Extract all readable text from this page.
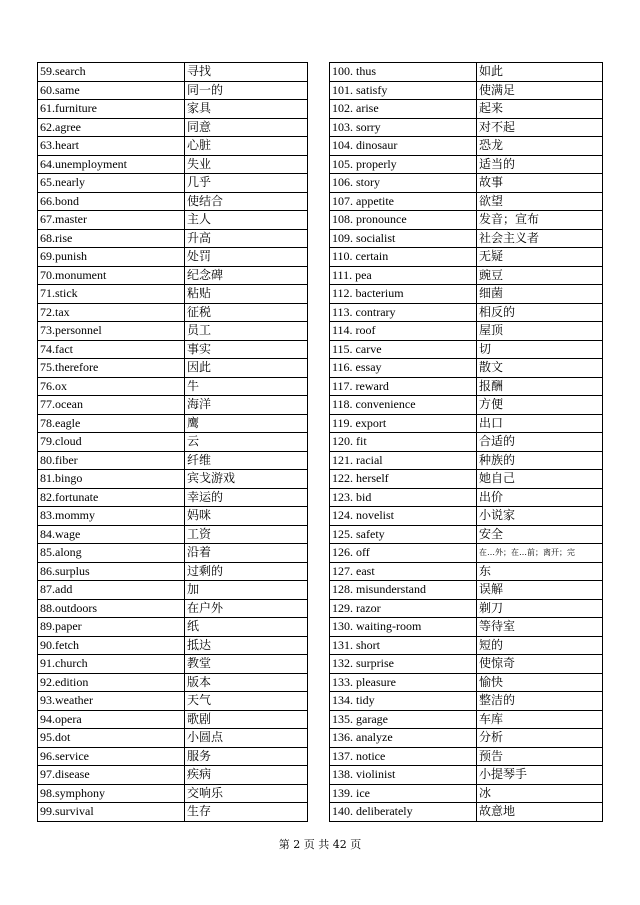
59.search	寻找
60.same	同一的
61.furniture	家具
62.agree	同意
63.heart	心脏
64.unemployment	失业
65.nearly	几乎
66.bond	使结合
67.master	主人
68.rise	升高
69.punish	处罚
70.monument	纪念碑
71.stick	粘贴
72.tax	征税
73.personnel	员工
74.fact	事实
75.therefore	因此
76.ox	牛
77.ocean	海洋
78.eagle	鹰
79.cloud	云
80.fiber	纤维
81.bingo	宾戈游戏
82.fortunate	幸运的
83.mommy	妈咪
84.wage	工资
85.along	沿着
86.surplus	过剩的
87.add	加
88.outdoors	在户外
89.paper	纸
90.fetch	抵达
91.church	教堂
92.edition	版本
93.weather	天气
94.opera	歌剧
95.dot	小圆点
96.service	服务
97.disease	疾病
98.symphony	交响乐
99.survival	生存
100. thus	如此
101. satisfy	使满足
102. arise	起来
103. sorry	对不起
104. dinosaur	恐龙
105. properly	适当的
106. story	故事
107. appetite	欲望
108. pronounce	发音；宣布
109. socialist	社会主义者
110. certain	无疑
111. pea	豌豆
112. bacterium	细菌
113. contrary	相反的
114. roof	屋顶
115. carve	切
116. essay	散文
117. reward	报酬
118. convenience	方便
119. export	出口
120. fit	合适的
121. racial	种族的
122. herself	她自己
123. bid	出价
124. novelist	小说家
125. safety	安全
126. off	在…外；在…前；离开；完
127. east	东
128. misunderstand	误解
129. razor	剃刀
130. waiting-room	等待室
131. short	短的
132. surprise	使惊奇
133. pleasure	愉快
134. tidy	整洁的
135. garage	车库
136. analyze	分析
137. notice	预告
138. violinist	小提琴手
139. ice	冰
140. deliberately	故意地
第 2 页 共 42 页
